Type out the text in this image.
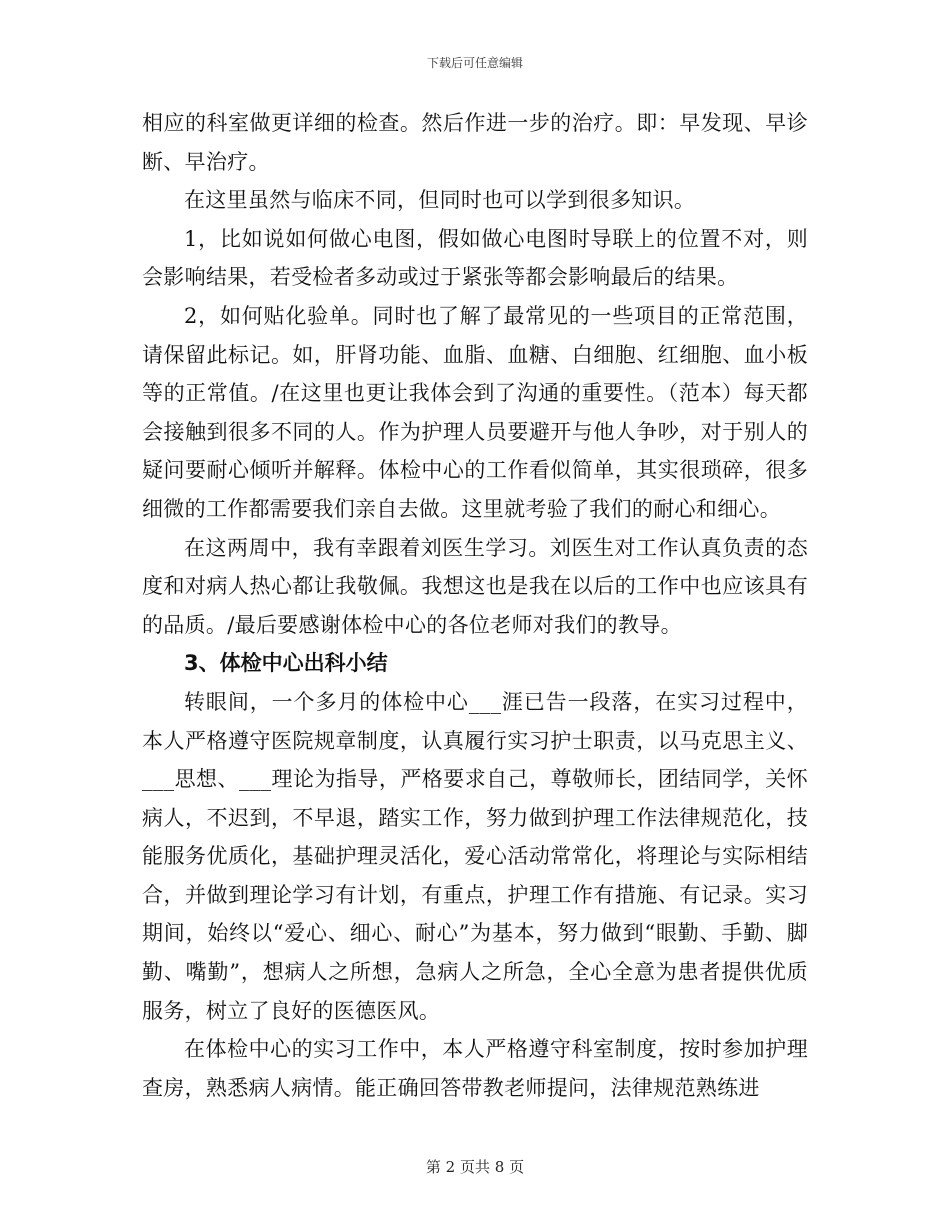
下载后可任意编辑

相应的科室做更详细的检查。然后作进一步的治疗。即：早发现、早诊断、早治疗。

在这里虽然与临床不同，但同时也可以学到很多知识。

1，比如说如何做心电图，假如做心电图时导联上的位置不对，则会影响结果，若受检者多动或过于紧张等都会影响最后的结果。

2，如何贴化验单。同时也了解了最常见的一些项目的正常范围，请保留此标记。如，肝肾功能、血脂、血糖、白细胞、红细胞、血小板等的正常值。/在这里也更让我体会到了沟通的重要性。（范本）每天都会接触到很多不同的人。作为护理人员要避开与他人争吵，对于别人的疑问要耐心倾听并解释。体检中心的工作看似简单，其实很琐碎，很多细微的工作都需要我们亲自去做。这里就考验了我们的耐心和细心。

在这两周中，我有幸跟着刘医生学习。刘医生对工作认真负责的态度和对病人热心都让我敬佩。我想这也是我在以后的工作中也应该具有的品质。/最后要感谢体检中心的各位老师对我们的教导。

3、体检中心出科小结

转眼间，一个多月的体检中心___涯已告一段落，在实习过程中，本人严格遵守医院规章制度，认真履行实习护士职责，以马克思主义、___思想、___理论为指导，严格要求自己，尊敬师长，团结同学，关怀病人，不迟到，不早退，踏实工作，努力做到护理工作法律规范化，技能服务优质化，基础护理灵活化，爱心活动常常化，将理论与实际相结合，并做到理论学习有计划，有重点，护理工作有措施、有记录。实习期间，始终以“爱心、细心、耐心”为基本，努力做到“眼勤、手勤、脚勤、嘴勤”，想病人之所想，急病人之所急，全心全意为患者提供优质服务，树立了良好的医德医风。

在体检中心的实习工作中，本人严格遵守科室制度，按时参加护理查房，熟悉病人病情。能正确回答带教老师提问，法律规范熟练进

第 2 页共 8 页
